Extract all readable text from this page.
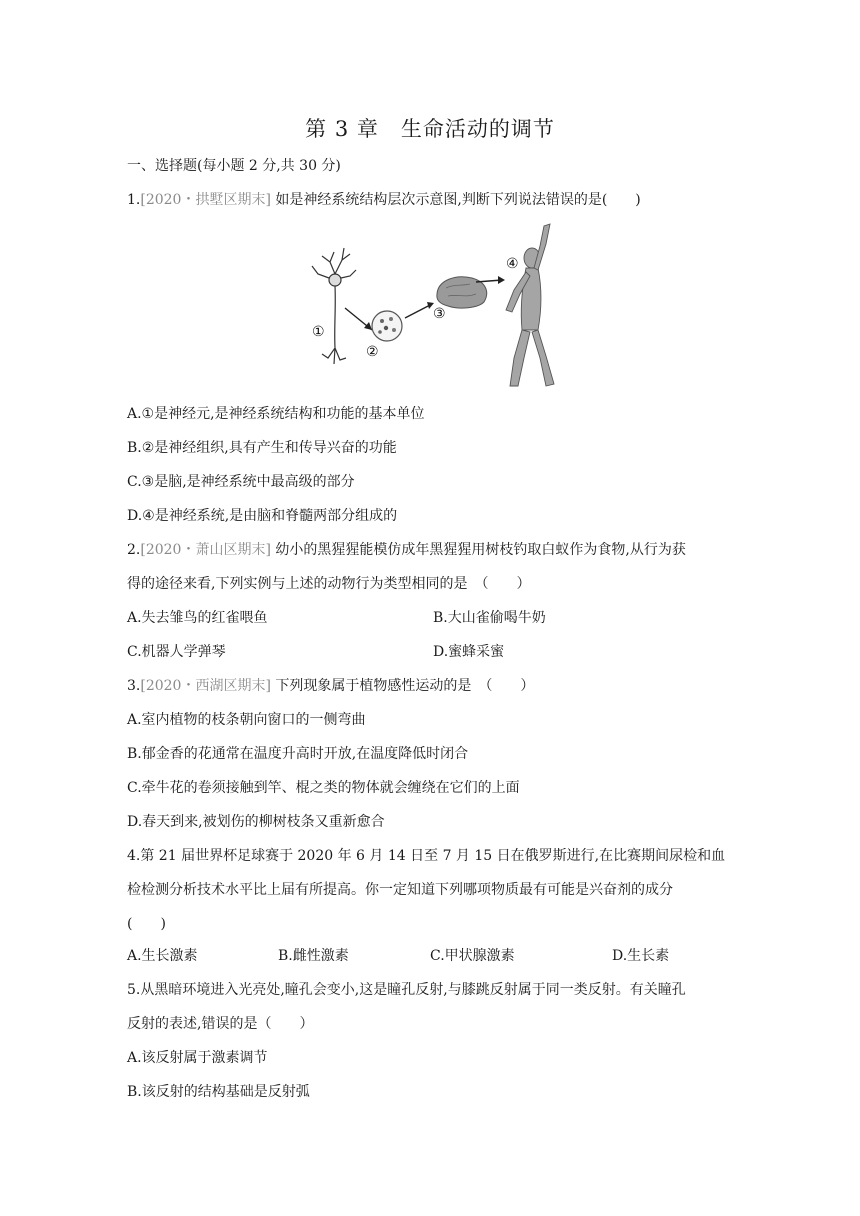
第 3 章　生命活动的调节
一、选择题(每小题 2 分,共 30 分)
1.[2020・拱墅区期末] 如是神经系统结构层次示意图,判断下列说法错误的是(　　)
①
②
③
④
A.①是神经元,是神经系统结构和功能的基本单位
B.②是神经组织,具有产生和传导兴奋的功能
C.③是脑,是神经系统中最高级的部分
D.④是神经系统,是由脑和脊髓两部分组成的
2.[2020・萧山区期末] 幼小的黑猩猩能模仿成年黑猩猩用树枝钓取白蚁作为食物,从行为获
得的途径来看,下列实例与上述的动物行为类型相同的是　（　　）
A.失去雏鸟的红雀喂鱼	B.大山雀偷喝牛奶
C.机器人学弹琴	D.蜜蜂采蜜
3.[2020・西湖区期末] 下列现象属于植物感性运动的是　（　　）
A.室内植物的枝条朝向窗口的一侧弯曲
B.郁金香的花通常在温度升高时开放,在温度降低时闭合
C.牵牛花的卷须接触到竿、棍之类的物体就会缠绕在它们的上面
D.春天到来,被划伤的柳树枝条又重新愈合
4.第 21 届世界杯足球赛于 2020 年 6 月 14 日至 7 月 15 日在俄罗斯进行,在比赛期间尿检和血
检检测分析技术水平比上届有所提高。你一定知道下列哪项物质最有可能是兴奋剂的成分
(　　)
A.生长激素	B.雌性激素	C.甲状腺激素	D.生长素
5.从黑暗环境进入光亮处,瞳孔会变小,这是瞳孔反射,与膝跳反射属于同一类反射。有关瞳孔
反射的表述,错误的是（　　）
A.该反射属于激素调节
B.该反射的结构基础是反射弧
